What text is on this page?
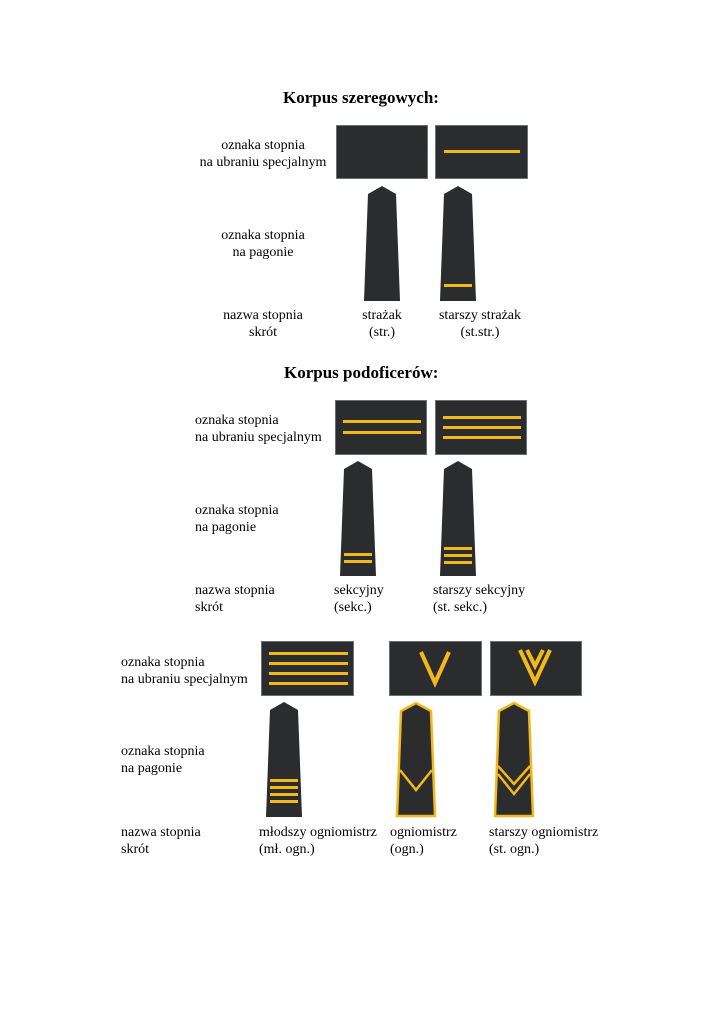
Korpus szeregowych:
oznaka stopnia
na ubraniu specjalnym
oznaka stopnia
na pagonie
nazwa stopnia
skrót
strażak
(str.)
starszy strażak
(st.str.)
Korpus podoficerów:
oznaka stopnia
na ubraniu specjalnym
oznaka stopnia
na pagonie
nazwa stopnia
skrót
sekcyjny
(sekc.)
starszy sekcyjny
(st. sekc.)
oznaka stopnia
na ubraniu specjalnym
oznaka stopnia
na pagonie
nazwa stopnia
skrót
młodszy ogniomistrz
(mł. ogn.)
ogniomistrz
(ogn.)
starszy ogniomistrz
(st. ogn.)
